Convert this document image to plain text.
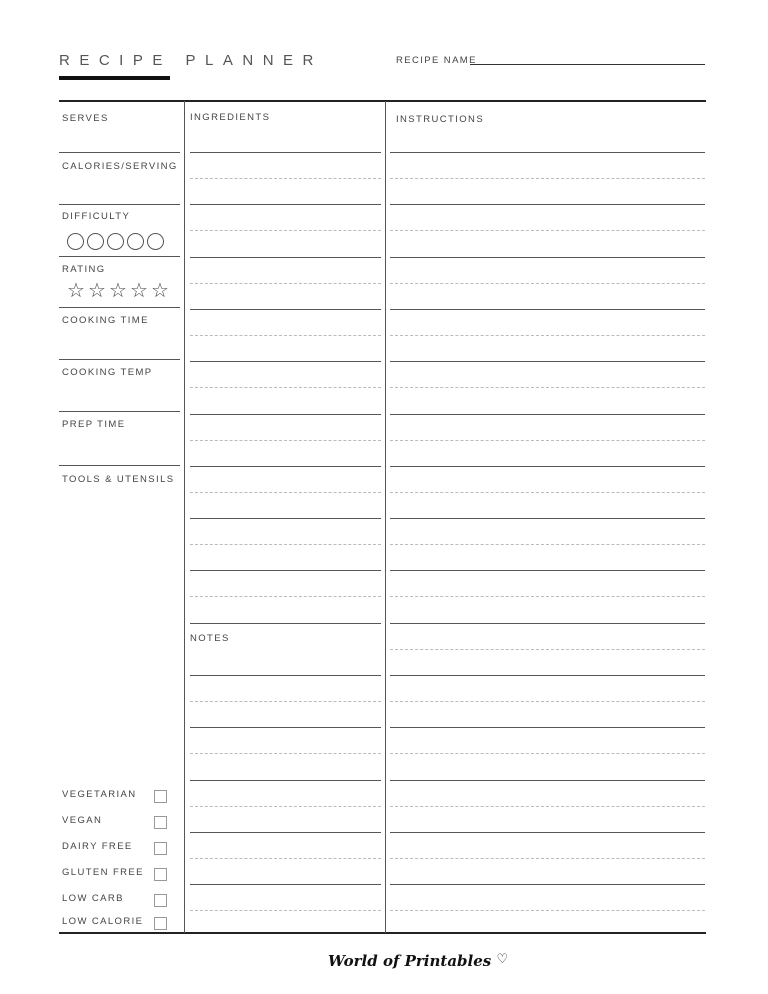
RECIPE PLANNER	RECIPE NAME
SERVES
CALORIES/SERVING
DIFFICULTY
RATING
☆ ☆ ☆ ☆ ☆
COOKING TIME
COOKING TEMP
PREP TIME
TOOLS & UTENSILS
INGREDIENTS
NOTES
INSTRUCTIONS
World of Printables ♡
VEGETARIAN
VEGAN
DAIRY FREE
GLUTEN FREE
LOW CARB
LOW CALORIE
